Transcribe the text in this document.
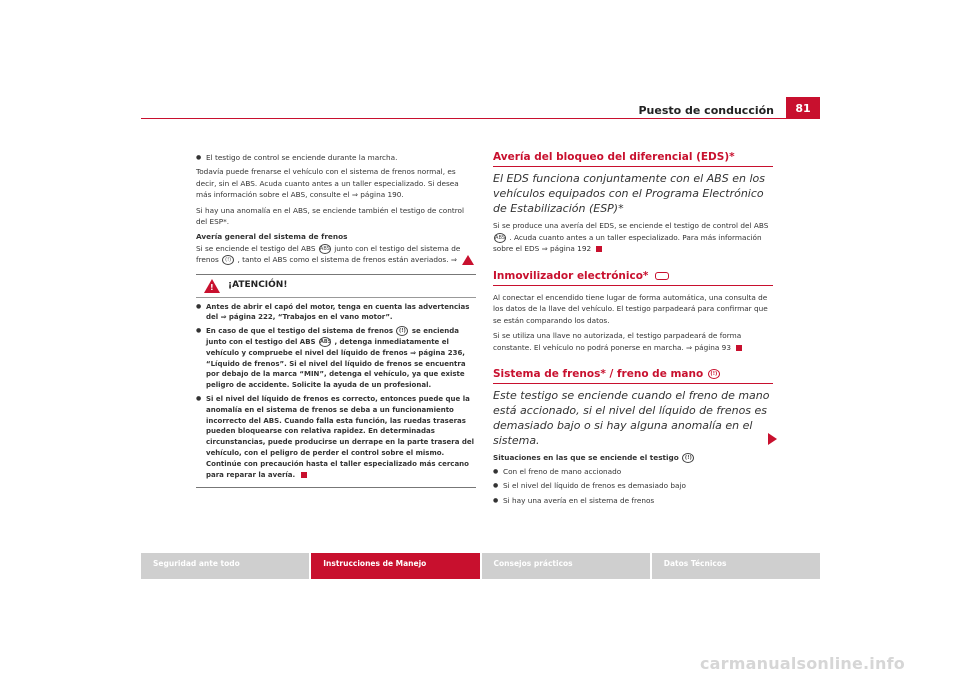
Puesto de conducción	81
● El testigo de control se enciende durante la marcha.

Todavía puede frenarse el vehículo con el sistema de frenos normal, es decir, sin el ABS. Acuda cuanto antes a un taller especializado. Si desea más información sobre el ABS, consulte el ⇒ página 190.

Si hay una anomalía en el ABS, se enciende también el testigo de control del ESP*.

Avería general del sistema de frenos

Si se enciende el testigo del ABS ABS junto con el testigo del sistema de frenos (!) , tanto el ABS como el sistema de frenos están averiados. ⇒

! ¡ATENCIÓN!
● Antes de abrir el capó del motor, tenga en cuenta las advertencias del ⇒ página 222, “Trabajos en el vano motor”.
● En caso de que el testigo del sistema de frenos (!) se encienda junto con el testigo del ABS ABS , detenga inmediatamente el vehículo y compruebe el nivel del líquido de frenos ⇒ página 236, “Líquido de frenos”. Si el nivel del líquido de frenos se encuentra por debajo de la marca “MIN”, detenga el vehículo, ya que existe peligro de accidente. Solicite la ayuda de un profesional.
● Si el nivel del líquido de frenos es correcto, entonces puede que la anomalía en el sistema de frenos se deba a un funcionamiento incorrecto del ABS. Cuando falla esta función, las ruedas traseras pueden bloquearse con relativa rapidez. En determinadas circunstancias, puede producirse un derrape en la parte trasera del vehículo, con el peligro de perder el control sobre el mismo. Continúe con precaución hasta el taller especializado más cercano para reparar la avería.

Avería del bloqueo del diferencial (EDS)*

El EDS funciona conjuntamente con el ABS en los vehículos equipados con el Programa Electrónico de Estabilización (ESP)*

Si se produce una avería del EDS, se enciende el testigo de control del ABS ABS . Acuda cuanto antes a un taller especializado. Para más información sobre el EDS ⇒ página 192

Inmovilizador electrónico*

Al conectar el encendido tiene lugar de forma automática, una consulta de los datos de la llave del vehículo. El testigo parpadeará para confirmar que se están comparando los datos.

Si se utiliza una llave no autorizada, el testigo parpadeará de forma constante. El vehículo no podrá ponerse en marcha. ⇒ página 93

Sistema de frenos* / freno de mano (!)

Este testigo se enciende cuando el freno de mano está accionado, si el nivel del líquido de frenos es demasiado bajo o si hay alguna anomalía en el sistema.

Situaciones en las que se enciende el testigo (!)

● Con el freno de mano accionado
● Si el nivel del líquido de frenos es demasiado bajo
● Si hay una avería en el sistema de frenos
Seguridad ante todo	Instrucciones de Manejo	Consejos prácticos	Datos Técnicos
carmanualsonline.info
